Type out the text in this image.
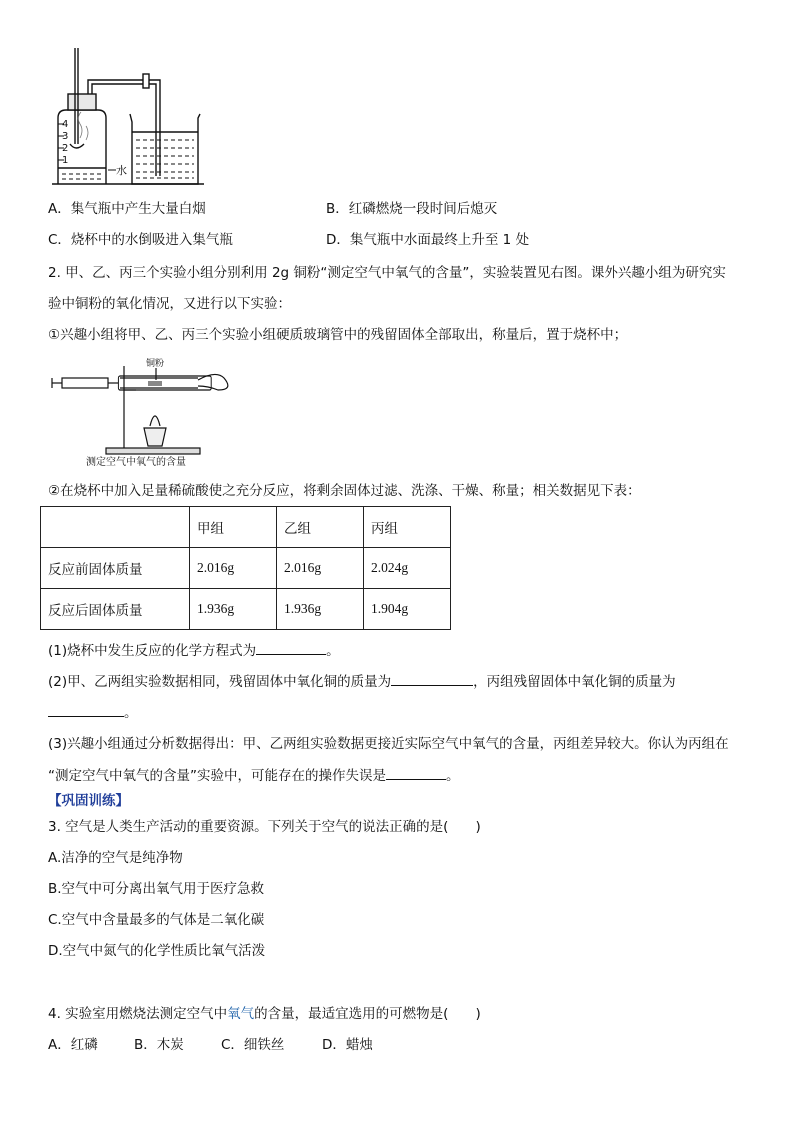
4
3
2
1
水
A．集气瓶中产生大量白烟	B．红磷燃烧一段时间后熄灭
C．烧杯中的水倒吸进入集气瓶	D．集气瓶中水面最终上升至 1 处
2. 甲、乙、丙三个实验小组分别利用 2g 铜粉“测定空气中氧气的含量”，实验装置见右图。课外兴趣小组为研究实
验中铜粉的氧化情况，又进行以下实验：
①兴趣小组将甲、乙、丙三个实验小组硬质玻璃管中的残留固体全部取出，称量后，置于烧杯中；
铜粉
测定空气中氧气的含量
②在烧杯中加入足量稀硫酸使之充分反应，将剩余固体过滤、洗涤、干燥、称量；相关数据见下表：
	甲组	乙组	丙组
反应前固体质量	2.016g	2.016g	2.024g
反应后固体质量	1.936g	1.936g	1.904g
(1)烧杯中发生反应的化学方程式为	。
(2)甲、乙两组实验数据相同，残留固体中氧化铜的质量为	，丙组残留固体中氧化铜的质量为
。
(3)兴趣小组通过分析数据得出：甲、乙两组实验数据更接近实际空气中氧气的含量，丙组差异较大。你认为丙组在
“测定空气中氧气的含量”实验中，可能存在的操作失误是	。
【巩固训练】
3. 空气是人类生产活动的重要资源。下列关于空气的说法正确的是(　　)
A.洁净的空气是纯净物
B.空气中可分离出氧气用于医疗急救
C.空气中含量最多的气体是二氧化碳
D.空气中氮气的化学性质比氧气活泼
4. 实验室用燃烧法测定空气中氧气的含量，最适宜选用的可燃物是(　　)
A．红磷	B．木炭	C．细铁丝	D．蜡烛
